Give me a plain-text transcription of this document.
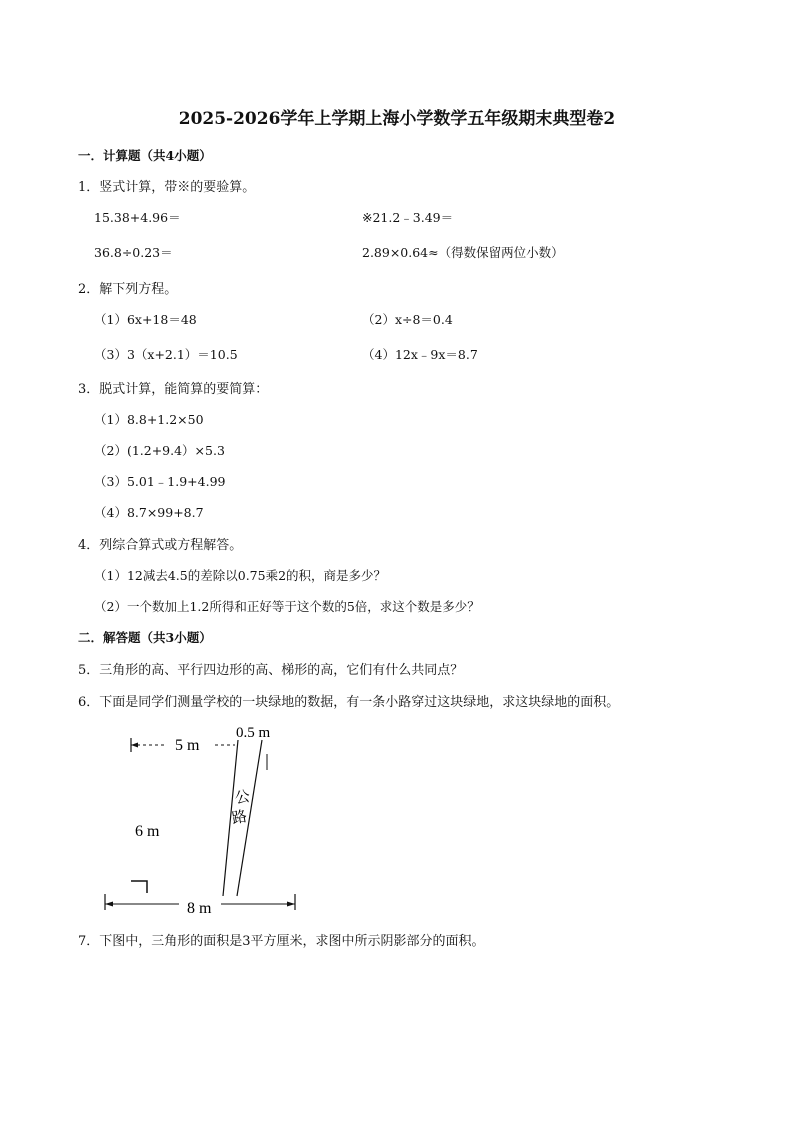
2025-2026学年上学期上海小学数学五年级期末典型卷2
一．计算题（共4小题）
1．竖式计算，带※的要验算。
15.38+4.96＝	※21.2﹣3.49＝
36.8÷0.23＝	2.89×0.64≈（得数保留两位小数）
2．解下列方程。
（1）6x+18＝48	（2）x÷8＝0.4
（3）3（x+2.1）＝10.5	（4）12x﹣9x＝8.7
3．脱式计算，能简算的要简算：
（1）8.8+1.2×50
（2）(1.2+9.4）×5.3
（3）5.01﹣1.9+4.99
（4）8.7×99+8.7
4．列综合算式或方程解答。
（1）12减去4.5的差除以0.75乘2的积，商是多少？
（2）一个数加上1.2所得和正好等于这个数的5倍，求这个数是多少？
二．解答题（共3小题）
5．三角形的高、平行四边形的高、梯形的高，它们有什么共同点？
6．下面是同学们测量学校的一块绿地的数据，有一条小路穿过这块绿地，求这块绿地的面积。
5 m
0.5 m
公
路
6 m
8 m
7．下图中，三角形的面积是3平方厘米，求图中所示阴影部分的面积。
